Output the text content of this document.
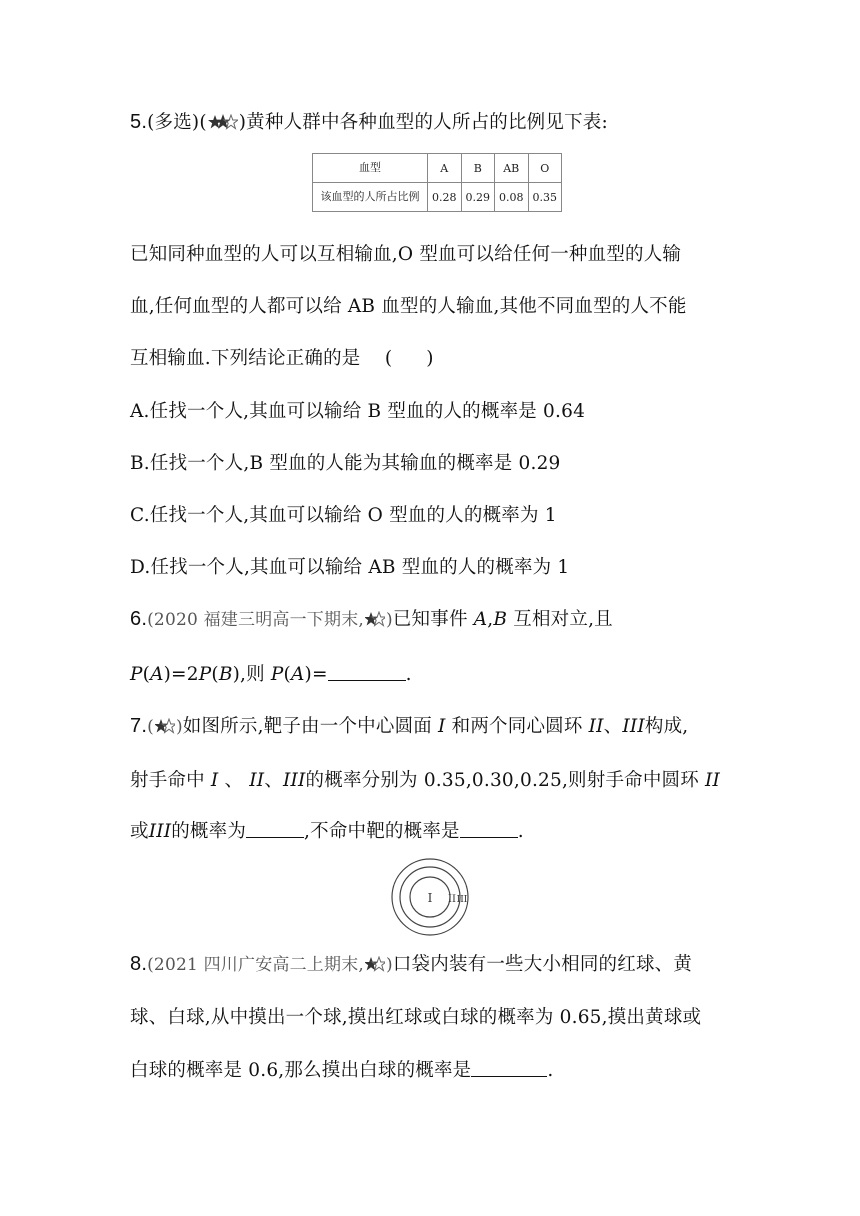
5.(多选)( )黄种人群中各种血型的人所占的比例见下表:
血型	A	B	AB	O
该血型的人所占比例	0.28	0.29	0.08	0.35
已知同种血型的人可以互相输血,O 型血可以给任何一种血型的人输
血,任何血型的人都可以给 AB 血型的人输血,其他不同血型的人不能
互相输血.下列结论正确的是 ( )
A.任找一个人,其血可以输给 B 型血的人的概率是 0.64
B.任找一个人,B 型血的人能为其输血的概率是 0.29
C.任找一个人,其血可以输给 O 型血的人的概率为 1
D.任找一个人,其血可以输给 AB 型血的人的概率为 1
6.(2020 福建三明高一下期末, )已知事件 A,B 互相对立,且
P(A)=2P(B),则 P(A)=	.
7.( )如图所示,靶子由一个中心圆面 I 和两个同心圆环 II、III构成,
射手命中 I 、 II、III的概率分别为 0.35,0.30,0.25,则射手命中圆环 II
或III的概率为	,不命中靶的概率是	.
I II III
8.(2021 四川广安高二上期末, )口袋内装有一些大小相同的红球、黄
球、白球,从中摸出一个球,摸出红球或白球的概率为 0.65,摸出黄球或
白球的概率是 0.6,那么摸出白球的概率是	.
